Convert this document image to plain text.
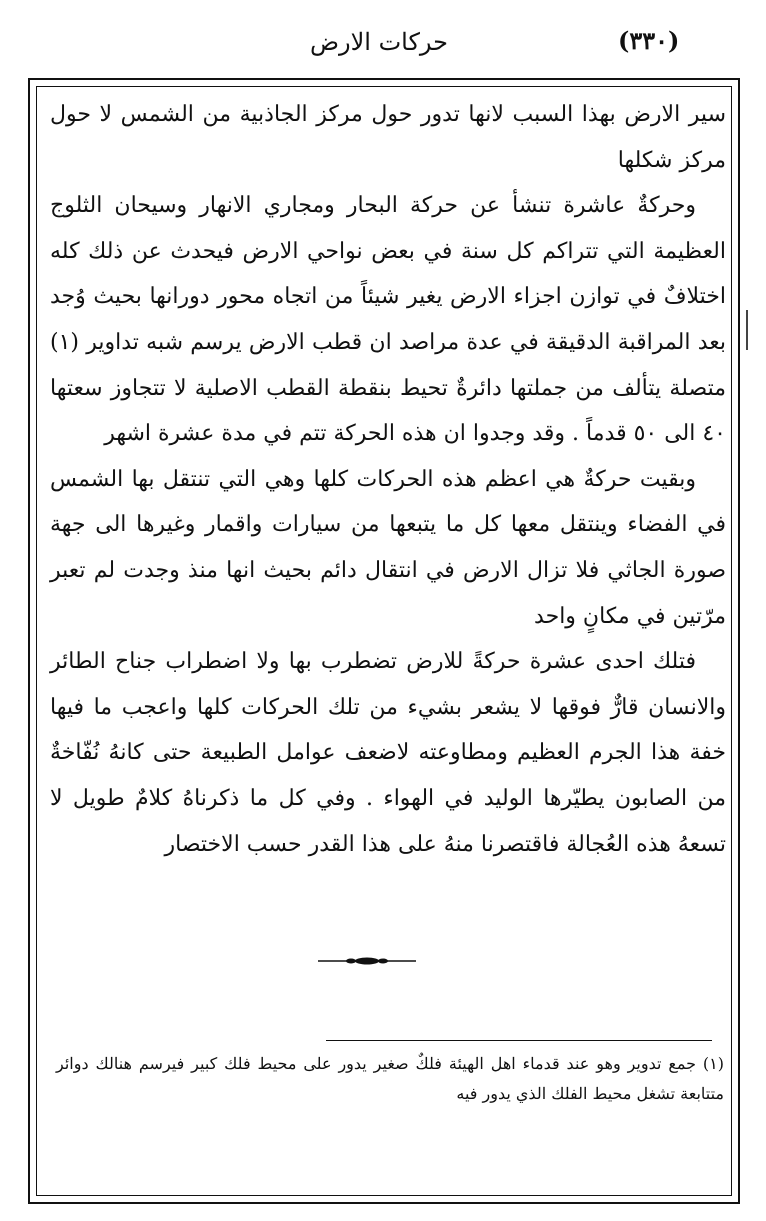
حركات الارض	(٣٣٠)

سير الارض بهذا السبب لانها تدور حول مركز الجاذبية من الشمس لا حول مركز شكلها

وحركةٌ عاشرة تنشأ عن حركة البحار ومجاري الانهار وسيحان الثلوج العظيمة التي تتراكم كل سنة في بعض نواحي الارض فيحدث عن ذلك كله اختلافٌ في توازن اجزاء الارض يغير شيئاً من اتجاه محور دورانها بحيث وُجد بعد المراقبة الدقيقة في عدة مراصد ان قطب الارض يرسم شبه تداوير (١) متصلة يتألف من جملتها دائرةٌ تحيط بنقطة القطب الاصلية لا تتجاوز سعتها ٤٠ الى ٥٠ قدماً . وقد وجدوا ان هذه الحركة تتم في مدة عشرة اشهر

وبقيت حركةٌ هي اعظم هذه الحركات كلها وهي التي تنتقل بها الشمس في الفضاء وينتقل معها كل ما يتبعها من سيارات واقمار وغيرها الى جهة صورة الجاثي فلا تزال الارض في انتقال دائم بحيث انها منذ وجدت لم تعبر مرّتين في مكانٍ واحد

فتلك احدى عشرة حركةً للارض تضطرب بها ولا اضطراب جناح الطائر والانسان قارٌّ فوقها لا يشعر بشيء من تلك الحركات كلها واعجب ما فيها خفة هذا الجرم العظيم ومطاوعته لاضعف عوامل الطبيعة حتى كانهُ نُفّاخةٌ من الصابون يطيّرها الوليد في الهواء . وفي كل ما ذكرناهُ كلامٌ طويل لا تسعهُ هذه العُجالة فاقتصرنا منهُ على هذا القدر حسب الاختصار

(١) جمع تدوير وهو عند قدماء اهل الهيئة فلكٌ صغير يدور على محيط فلك كبير فيرسم هنالك دوائر متتابعة تشغل محيط الفلك الذي يدور فيه
